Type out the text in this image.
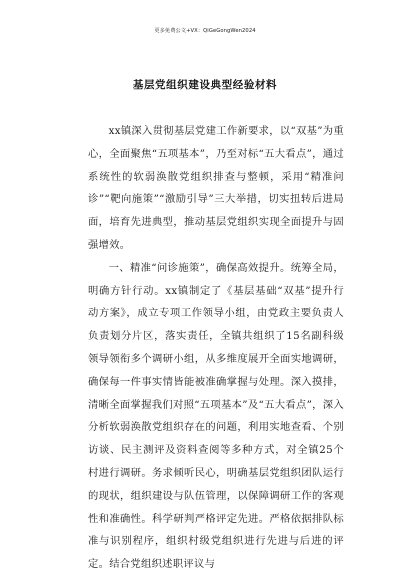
更多免费公文+VX：QiGeGongWen2024
基层党组织建设典型经验材料

xx镇深入贯彻基层党建工作新要求，以“双基”为重心，全面聚焦“五项基本”，乃至对标“五大看点”，通过系统性的软弱涣散党组织排查与整顿，采用“精准问诊”“靶向施策”“激励引导”三大举措，切实扭转后进局面，培育先进典型，推动基层党组织实现全面提升与固强增效。

一、精准“问诊施策”，确保高效提升。统筹全局，明确方针行动。xx镇制定了《基层基础“双基”提升行动方案》，成立专项工作领导小组，由党政主要负责人负责划分片区，落实责任，全镇共组织了15名副科级领导领衔多个调研小组，从多维度展开全面实地调研，确保每一件事实情皆能被准确掌握与处理。深入摸排，清晰全面掌握我们对照“五项基本”及“五大看点”，深入分析软弱涣散党组织存在的问题，利用实地查看、个别访谈、民主测评及资料查阅等多种方式，对全镇25个村进行调研。务求倾听民心，明确基层党组织团队运行的现状，组织建设与队伍管理，以保障调研工作的客观性和准确性。科学研判严格评定先进。严格依据排队标准与识别程序，组织村级党组织进行先进与后进的评定。结合党组织述职评议与
